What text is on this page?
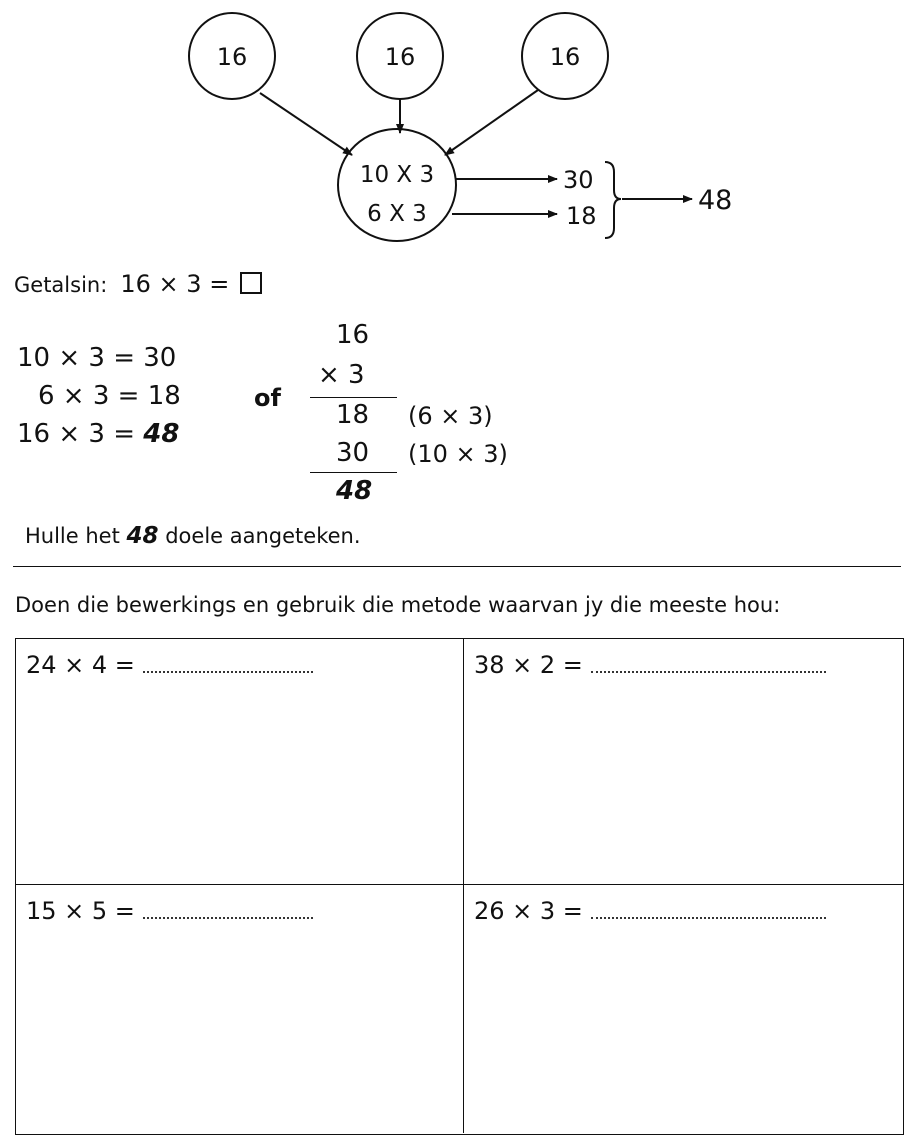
16	16	16
10 X 3
6 X 3
30
18	48
Getalsin: 16 × 3 =
10 × 3 = 30
6 × 3 = 18
16 × 3 = 48
of
16
× 3
18 (6 × 3)
30 (10 × 3)
48
Hulle het 48 doele aangeteken.
Doen die bewerkings en gebruik die metode waarvan jy die meeste hou:
24 × 4 =	38 × 2 =
15 × 5 =	26 × 3 =
